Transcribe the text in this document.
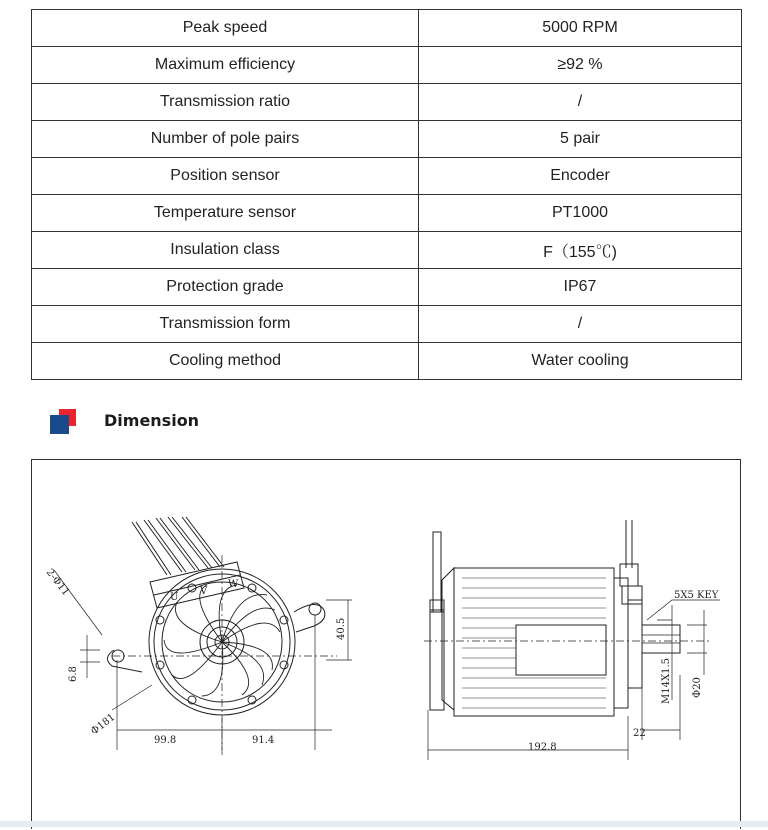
Peak speed	5000 RPM
Maximum efficiency	≥92 %
Transmission ratio	/
Number of pole pairs	5 pair
Position sensor	Encoder
Temperature sensor	PT1000
Insulation class	F（155℃)
Protection grade	IP67
Transmission form	/
Cooling method	Water cooling
Dimension
U
V
W
2-Φ11
6.8
40.5
Φ181
99.8	91.4
5X5 KEY
M14X1.5 Φ20
22
192.8
